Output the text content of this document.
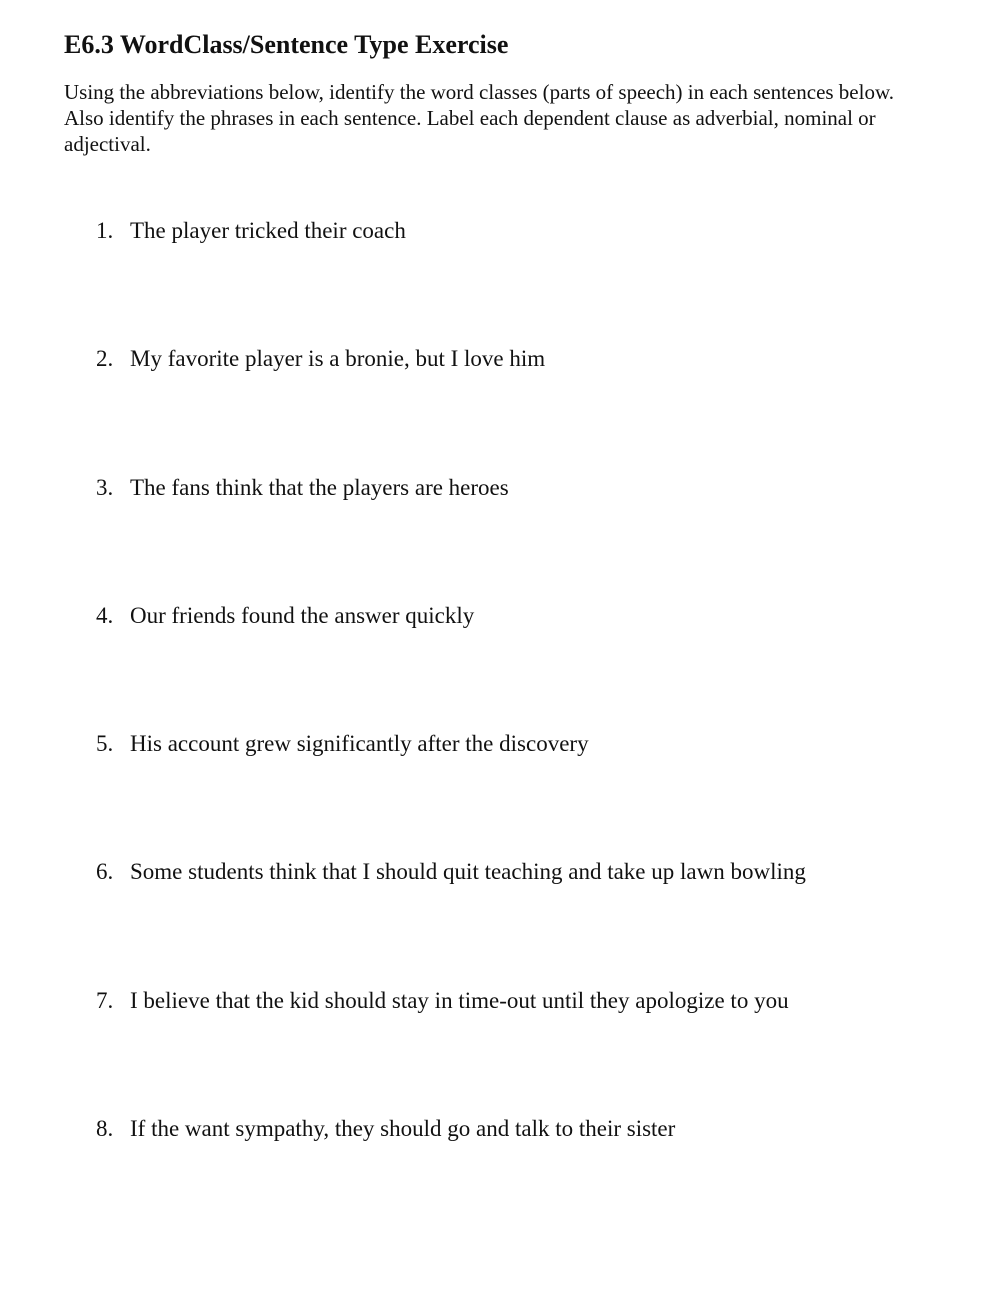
E6.3 WordClass/Sentence Type Exercise

Using the abbreviations below, identify the word classes (parts of speech) in each sentences below. Also identify the phrases in each sentence. Label each dependent clause as adverbial, nominal or adjectival.

1. The player tricked their coach
2. My favorite player is a bronie, but I love him
3. The fans think that the players are heroes
4. Our friends found the answer quickly
5. His account grew significantly after the discovery
6. Some students think that I should quit teaching and take up lawn bowling
7. I believe that the kid should stay in time-out until they apologize to you
8. If the want sympathy, they should go and talk to their sister
